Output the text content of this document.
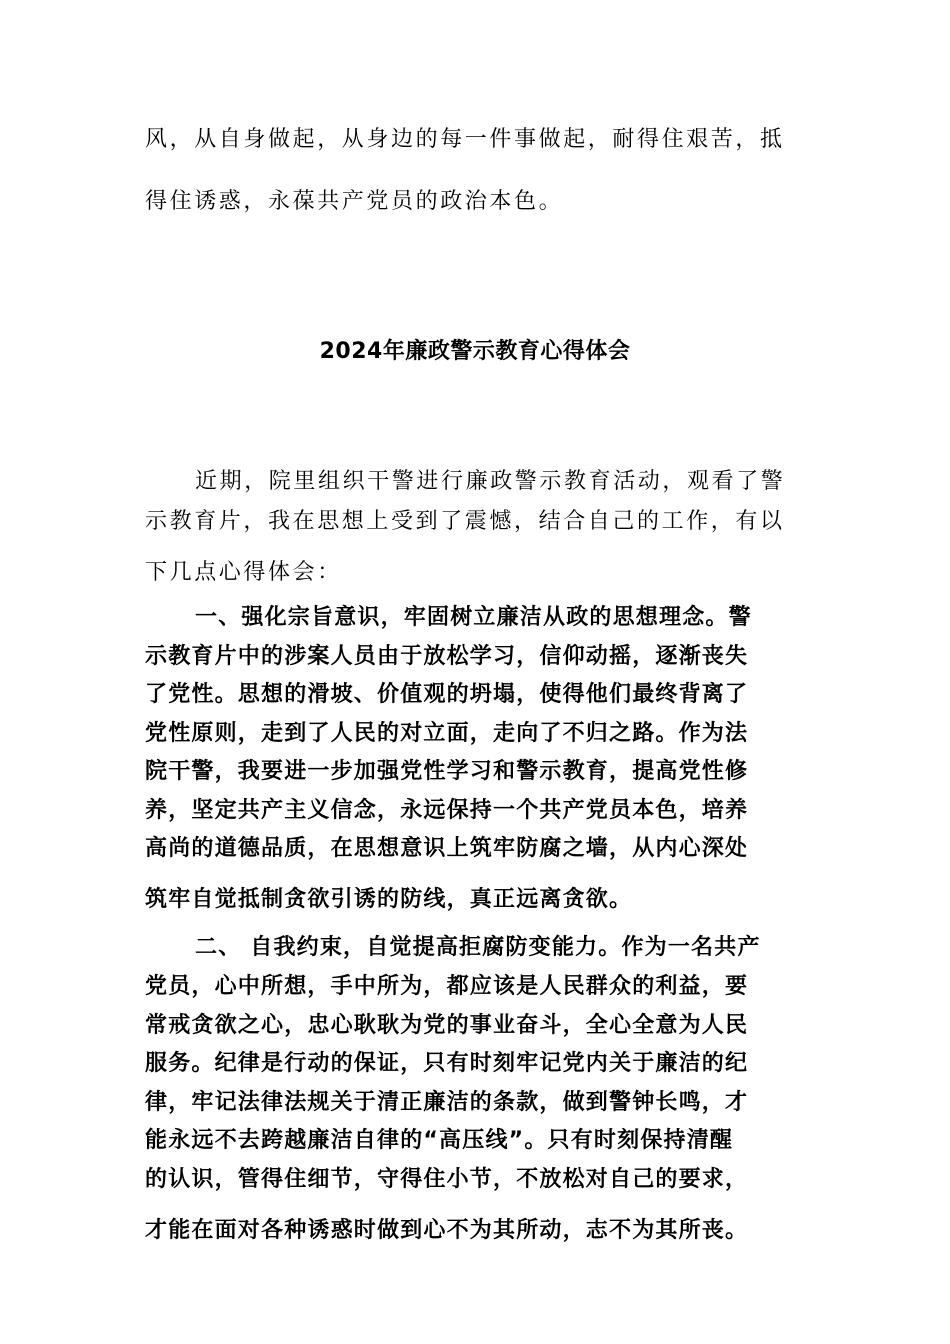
风，从自身做起，从身边的每一件事做起，耐得住艰苦，抵

得住诱惑，永葆共产党员的政治本色。

2024年廉政警示教育心得体会

近期，院里组织干警进行廉政警示教育活动，观看了警

示教育片，我在思想上受到了震憾，结合自己的工作，有以

下几点心得体会：

一、强化宗旨意识，牢固树立廉洁从政的思想理念。警

示教育片中的涉案人员由于放松学习，信仰动摇，逐渐丧失

了党性。思想的滑坡、价值观的坍塌，使得他们最终背离了

党性原则，走到了人民的对立面，走向了不归之路。作为法

院干警，我要进一步加强党性学习和警示教育，提高党性修

养，坚定共产主义信念，永远保持一个共产党员本色，培养

高尚的道德品质，在思想意识上筑牢防腐之墙，从内心深处

筑牢自觉抵制贪欲引诱的防线，真正远离贪欲。

二、 自我约束，自觉提高拒腐防变能力。作为一名共产

党员，心中所想，手中所为，都应该是人民群众的利益，要

常戒贪欲之心，忠心耿耿为党的事业奋斗，全心全意为人民

服务。纪律是行动的保证，只有时刻牢记党内关于廉洁的纪

律，牢记法律法规关于清正廉洁的条款，做到警钟长鸣，才

能永远不去跨越廉洁自律的“高压线”。只有时刻保持清醒

的认识，管得住细节，守得住小节，不放松对自己的要求，

才能在面对各种诱惑时做到心不为其所动，志不为其所丧。
